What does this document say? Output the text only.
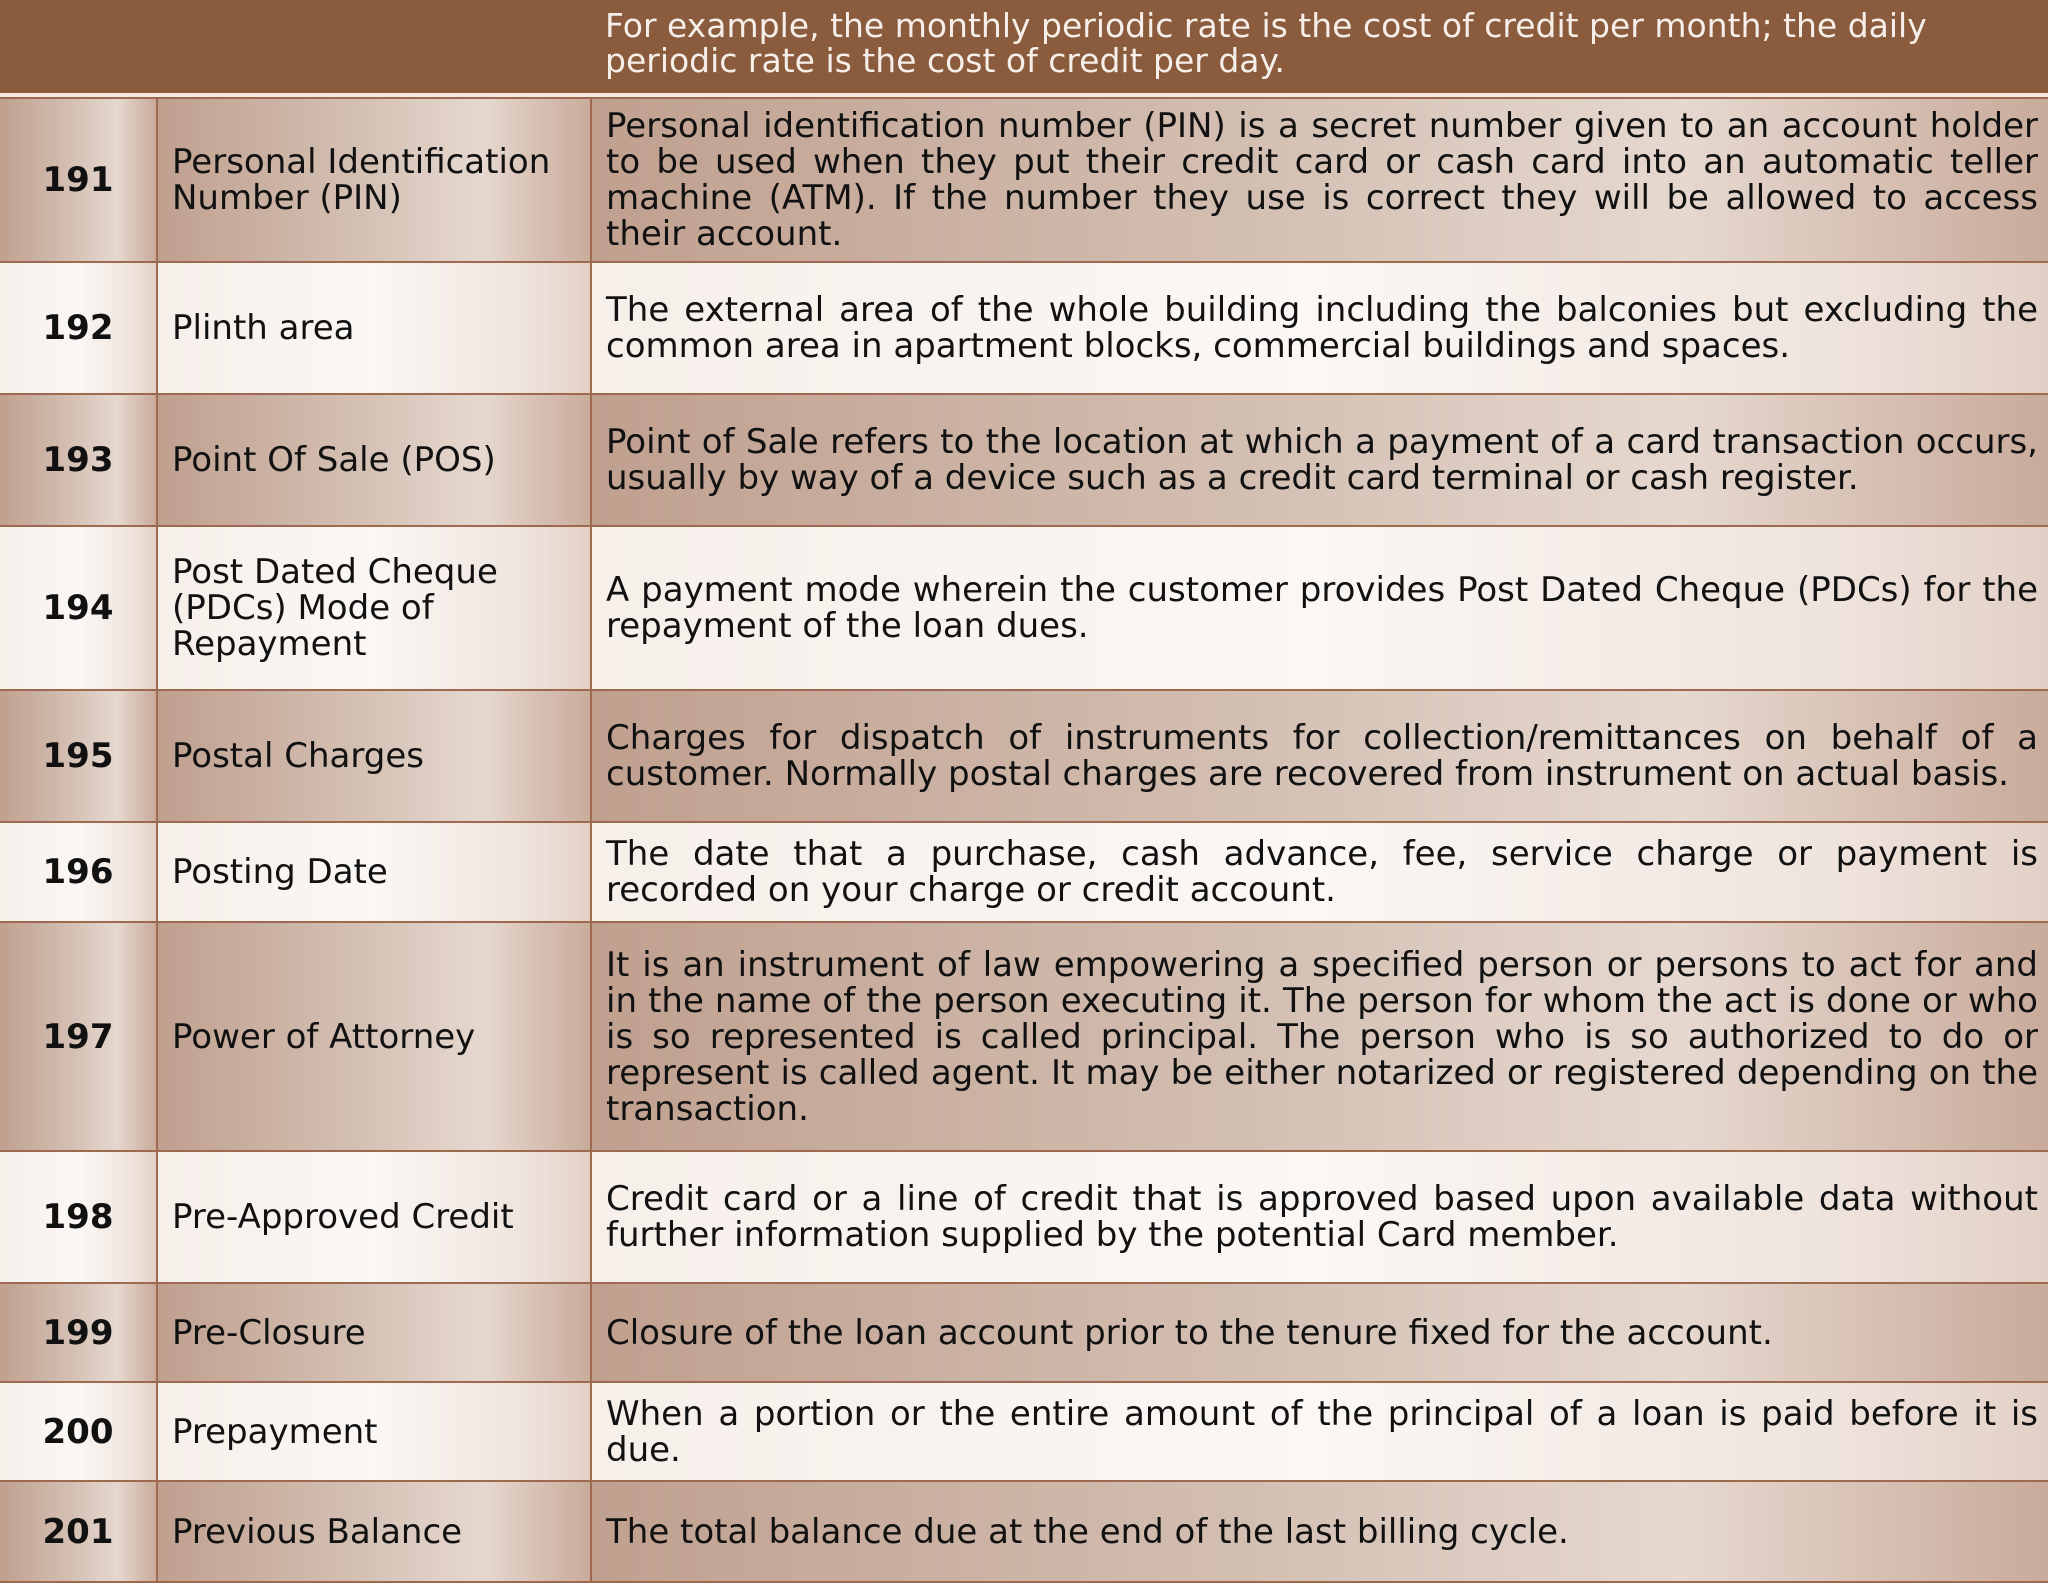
For example, the monthly periodic rate is the cost of credit per month; the daily periodic rate is the cost of credit per day.
191	Personal Identification Number (PIN)	Personal identification number (PIN) is a secret number given to an account holder to be used when they put their credit card or cash card into an automatic teller machine (ATM). If the number they use is correct they will be allowed to access their account.
192	Plinth area	The external area of the whole building including the balconies but excluding the common area in apartment blocks, commercial buildings and spaces.
193	Point Of Sale (POS)	Point of Sale refers to the location at which a payment of a card transaction occurs, usually by way of a device such as a credit card terminal or cash register.
194	Post Dated Cheque (PDCs) Mode of Repayment	A payment mode wherein the customer provides Post Dated Cheque (PDCs) for the repayment of the loan dues.
195	Postal Charges	Charges for dispatch of instruments for collection/remittances on behalf of a customer. Normally postal charges are recovered from instrument on actual basis.
196	Posting Date	The date that a purchase, cash advance, fee, service charge or payment is recorded on your charge or credit account.
197	Power of Attorney	It is an instrument of law empowering a specified person or persons to act for and in the name of the person executing it. The person for whom the act is done or who is so represented is called principal. The person who is so authorized to do or represent is called agent. It may be either notarized or registered depending on the transaction.
198	Pre-Approved Credit	Credit card or a line of credit that is approved based upon available data without further information supplied by the potential Card member.
199	Pre-Closure	Closure of the loan account prior to the tenure fixed for the account.
200	Prepayment	When a portion or the entire amount of the principal of a loan is paid before it is due.
201	Previous Balance	The total balance due at the end of the last billing cycle.
